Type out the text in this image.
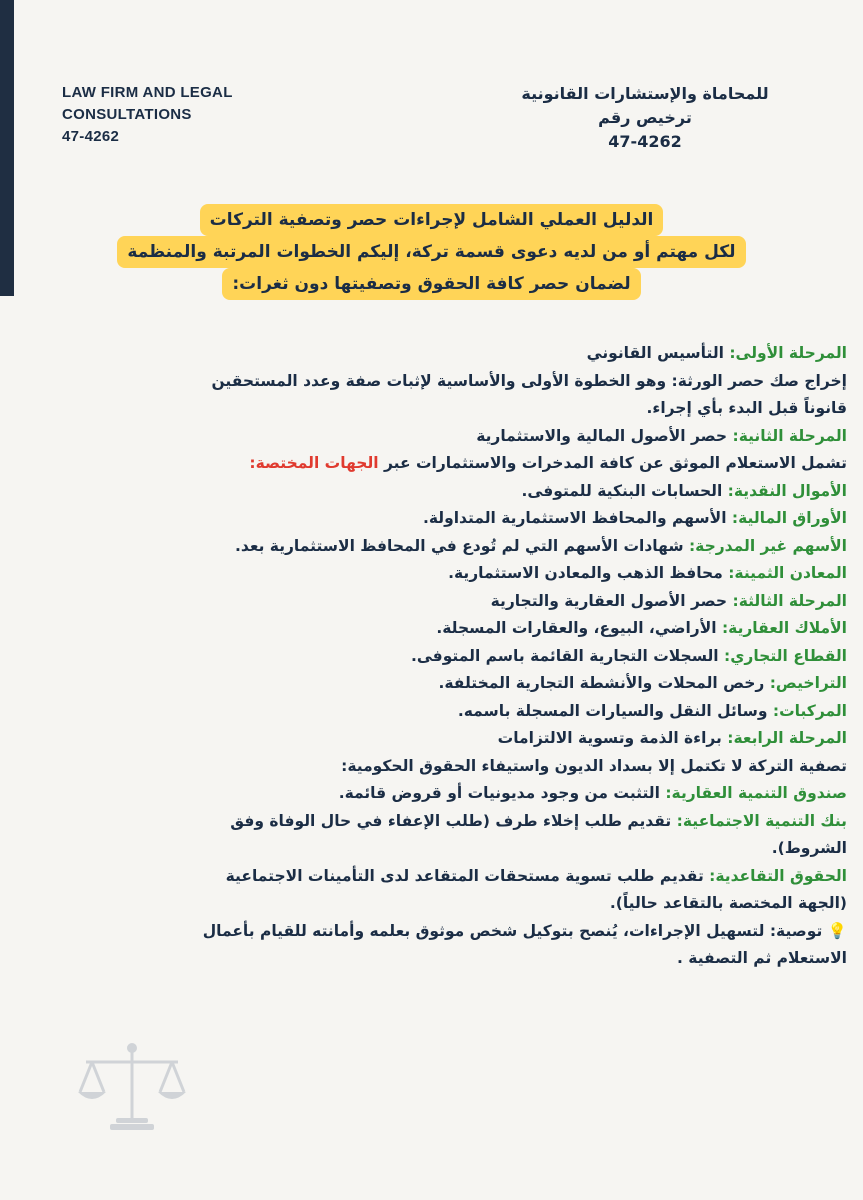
LAW FIRM AND LEGAL
CONSULTATIONS
47-4262
للمحاماة والإستشارات القانونية
ترخيص رقم
47-4262
الدليل العملي الشامل لإجراءات حصر وتصفية التركات
لكل مهتم أو من لديه دعوى قسمة تركة، إليكم الخطوات المرتبة والمنظمة
لضمان حصر كافة الحقوق وتصفيتها دون ثغرات:
المرحلة الأولى: التأسيس القانوني
إخراج صك حصر الورثة: وهو الخطوة الأولى والأساسية لإثبات صفة وعدد المستحقين
قانوناً قبل البدء بأي إجراء.
المرحلة الثانية: حصر الأصول المالية والاستثمارية
تشمل الاستعلام الموثق عن كافة المدخرات والاستثمارات عبر الجهات المختصة:
الأموال النقدية: الحسابات البنكية للمتوفى.
الأوراق المالية: الأسهم والمحافظ الاستثمارية المتداولة.
الأسهم غير المدرجة: شهادات الأسهم التي لم تُودع في المحافظ الاستثمارية بعد.
المعادن الثمينة: محافظ الذهب والمعادن الاستثمارية.
المرحلة الثالثة: حصر الأصول العقارية والتجارية
الأملاك العقارية: الأراضي، البيوع، والعقارات المسجلة.
القطاع التجاري: السجلات التجارية القائمة باسم المتوفى.
التراخيص: رخص المحلات والأنشطة التجارية المختلفة.
المركبات: وسائل النقل والسيارات المسجلة باسمه.
المرحلة الرابعة: براءة الذمة وتسوية الالتزامات
تصفية التركة لا تكتمل إلا بسداد الديون واستيفاء الحقوق الحكومية:
صندوق التنمية العقارية: التثبت من وجود مديونيات أو قروض قائمة.
بنك التنمية الاجتماعية: تقديم طلب إخلاء طرف (طلب الإعفاء في حال الوفاة وفق
الشروط).
الحقوق التقاعدية: تقديم طلب تسوية مستحقات المتقاعد لدى التأمينات الاجتماعية
(الجهة المختصة بالتقاعد حالياً).
💡 توصية: لتسهيل الإجراءات، يُنصح بتوكيل شخص موثوق بعلمه وأمانته للقيام بأعمال
الاستعلام ثم التصفية .
